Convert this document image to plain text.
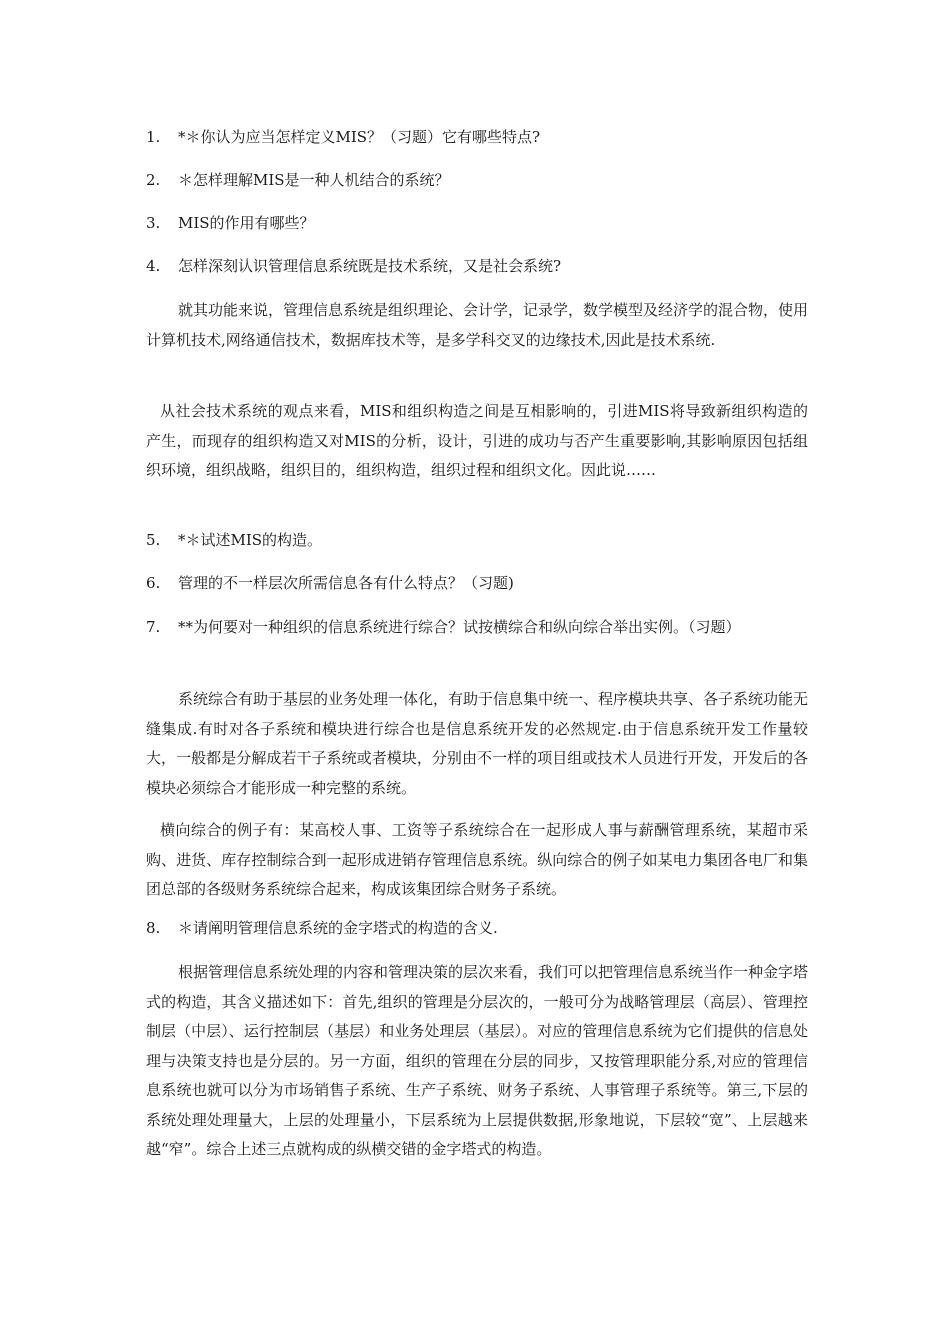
1. *＊你认为应当怎样定义MIS？（习题）它有哪些特点?
2. ＊怎样理解MIS是一种人机结合的系统？
3. MIS的作用有哪些？
4. 怎样深刻认识管理信息系统既是技术系统，又是社会系统?
就其功能来说，管理信息系统是组织理论、会计学，记录学，数学模型及经济学的混合物，使用计算机技术,网络通信技术，数据库技术等，是多学科交叉的边缘技术,因此是技术系统.
从社会技术系统的观点来看，MIS和组织构造之间是互相影响的，引进MIS将导致新组织构造的产生，而现存的组织构造又对MIS的分析，设计，引进的成功与否产生重要影响,其影响原因包括组织环境，组织战略，组织目的，组织构造，组织过程和组织文化。因此说……
5. *＊试述MIS的构造。
6. 管理的不一样层次所需信息各有什么特点？（习题)
7. **为何要对一种组织的信息系统进行综合？试按横综合和纵向综合举出实例。（习题）
系统综合有助于基层的业务处理一体化，有助于信息集中统一、程序模块共享、各子系统功能无缝集成.有时对各子系统和模块进行综合也是信息系统开发的必然规定.由于信息系统开发工作量较大，一般都是分解成若干子系统或者模块，分别由不一样的项目组或技术人员进行开发，开发后的各模块必须综合才能形成一种完整的系统。
横向综合的例子有：某高校人事、工资等子系统综合在一起形成人事与薪酬管理系统，某超市采购、进货、库存控制综合到一起形成进销存管理信息系统。纵向综合的例子如某电力集团各电厂和集团总部的各级财务系统综合起来，构成该集团综合财务子系统。
8. ＊请阐明管理信息系统的金字塔式的构造的含义.
根据管理信息系统处理的内容和管理决策的层次来看，我们可以把管理信息系统当作一种金字塔式的构造，其含义描述如下：首先,组织的管理是分层次的，一般可分为战略管理层（高层）、管理控制层（中层）、运行控制层（基层）和业务处理层（基层）。对应的管理信息系统为它们提供的信息处理与决策支持也是分层的。另一方面，组织的管理在分层的同步，又按管理职能分系,对应的管理信息系统也就可以分为市场销售子系统、生产子系统、财务子系统、人事管理子系统等。第三,下层的系统处理处理量大，上层的处理量小，下层系统为上层提供数据,形象地说，下层较“宽”、上层越来越“窄”。综合上述三点就构成的纵横交错的金字塔式的构造。
